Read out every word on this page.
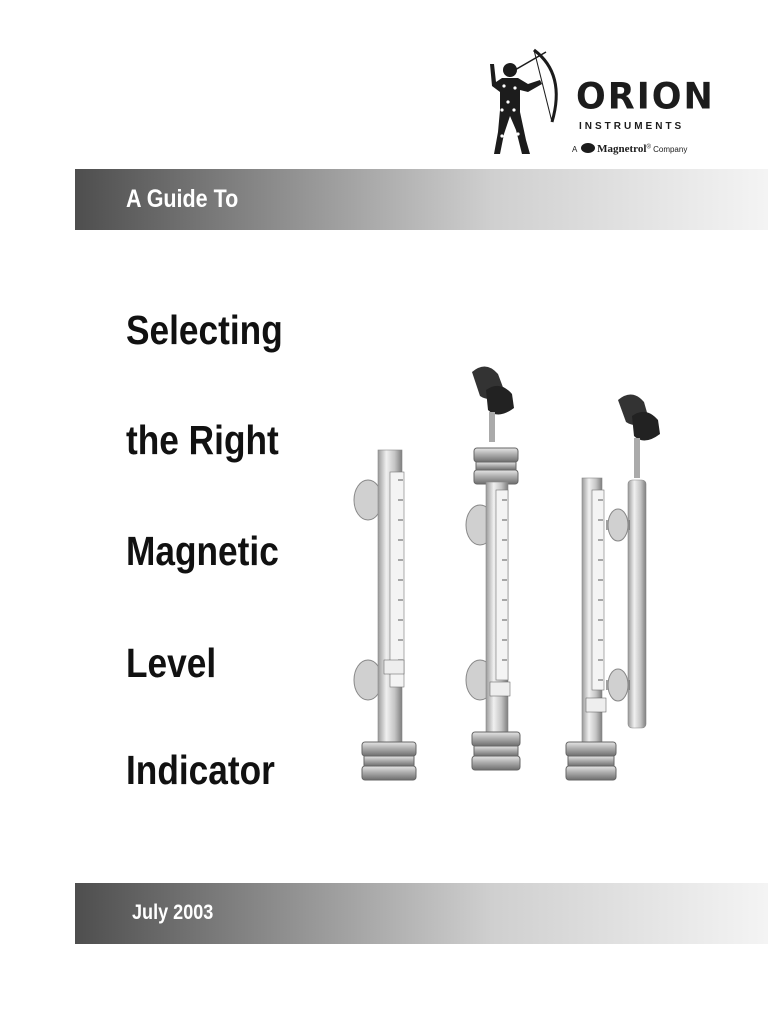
ORION
INSTRUMENTS
A Magnetrol® Company
A Guide To
Selecting
the Right
Magnetic
Level
Indicator
July 2003
